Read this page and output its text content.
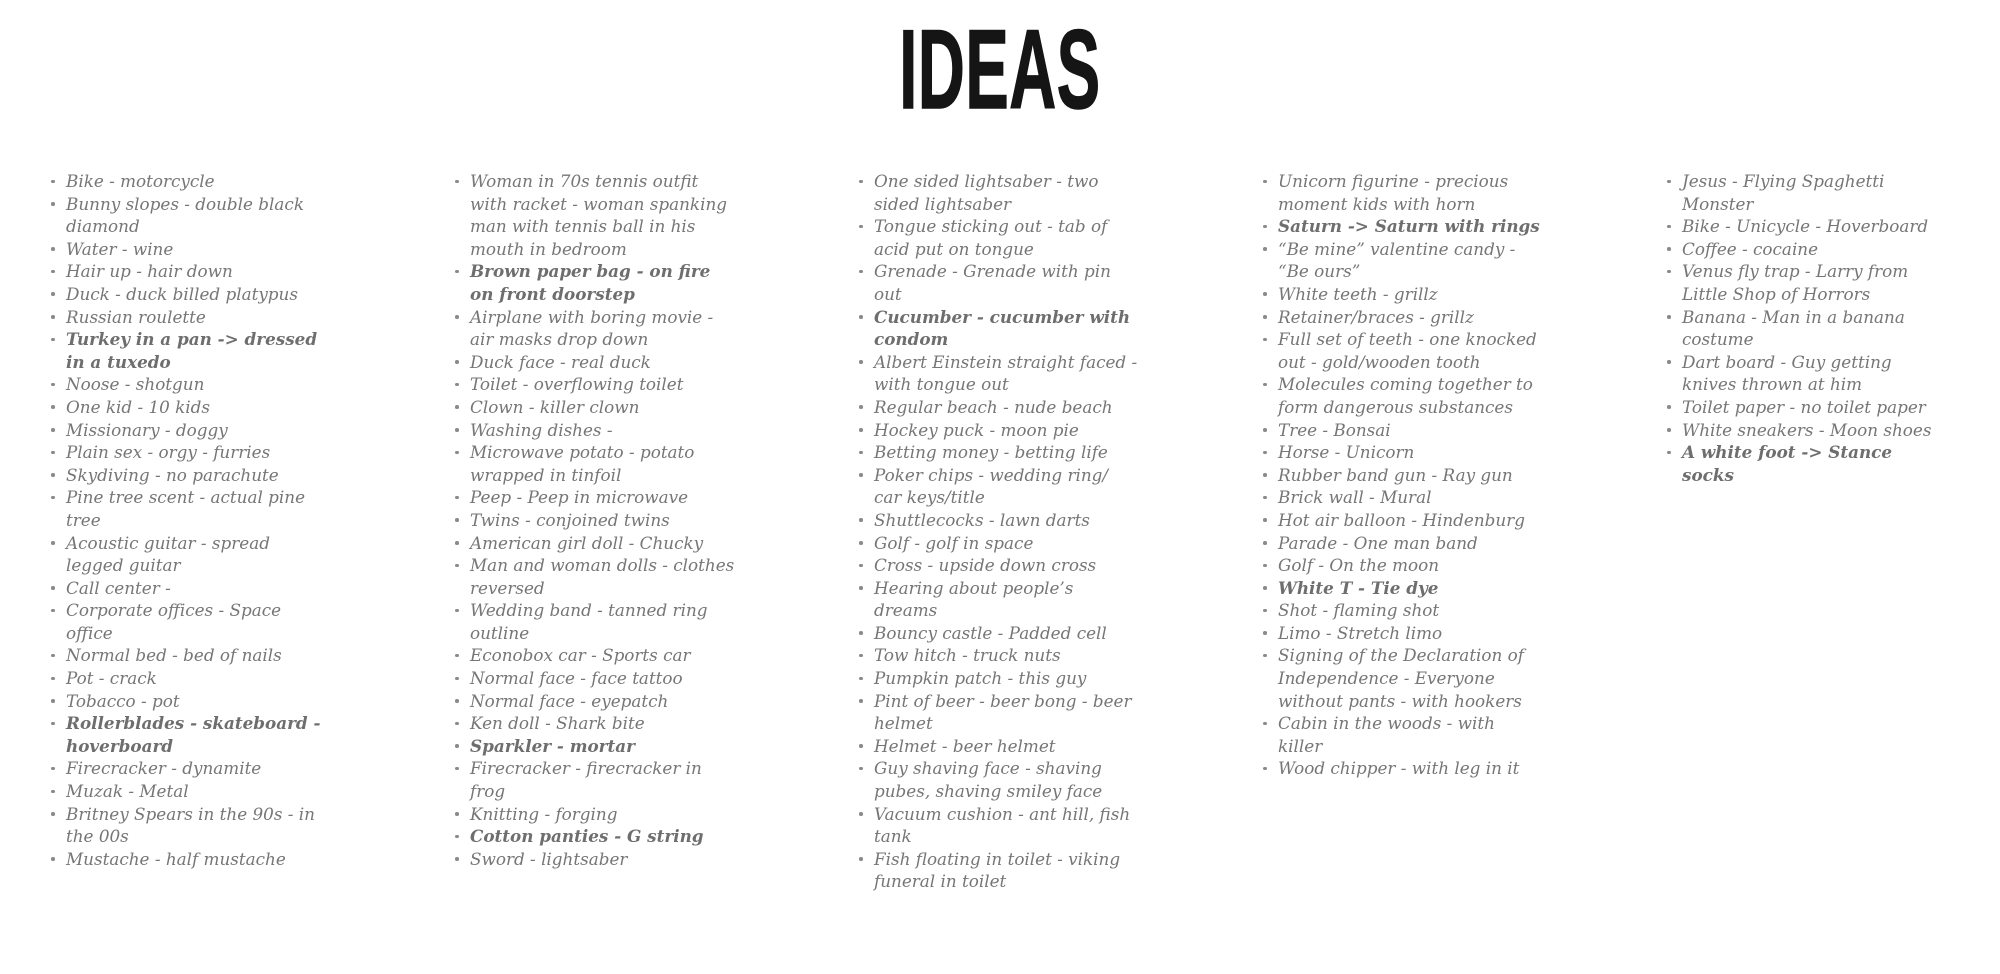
IDEAS
Bike - motorcycle
Bunny slopes - double black diamond
Water - wine
Hair up - hair down
Duck - duck billed platypus
Russian roulette
Turkey in a pan -> dressed in a tuxedo
Noose - shotgun
One kid - 10 kids
Missionary - doggy
Plain sex - orgy - furries
Skydiving - no parachute
Pine tree scent - actual pine tree
Acoustic guitar - spread legged guitar
Call center -
Corporate offices - Space office
Normal bed - bed of nails
Pot - crack
Tobacco - pot
Rollerblades - skateboard - hoverboard
Firecracker - dynamite
Muzak - Metal
Britney Spears in the 90s - in the 00s
Mustache - half mustache
Woman in 70s tennis outfit with racket - woman spanking man with tennis ball in his mouth in bedroom
Brown paper bag - on fire on front doorstep
Airplane with boring movie - air masks drop down
Duck face - real duck
Toilet - overflowing toilet
Clown - killer clown
Washing dishes -
Microwave potato - potato wrapped in tinfoil
Peep - Peep in microwave
Twins - conjoined twins
American girl doll - Chucky
Man and woman dolls - clothes reversed
Wedding band - tanned ring outline
Econobox car - Sports car
Normal face - face tattoo
Normal face - eyepatch
Ken doll - Shark bite
Sparkler - mortar
Firecracker - firecracker in frog
Knitting - forging
Cotton panties - G string
Sword - lightsaber
One sided lightsaber - two sided lightsaber
Tongue sticking out - tab of acid put on tongue
Grenade - Grenade with pin out
Cucumber - cucumber with condom
Albert Einstein straight faced - with tongue out
Regular beach - nude beach
Hockey puck - moon pie
Betting money - betting life
Poker chips - wedding ring/ car keys/title
Shuttlecocks - lawn darts
Golf - golf in space
Cross - upside down cross
Hearing about people’s dreams
Bouncy castle - Padded cell
Tow hitch - truck nuts
Pumpkin patch - this guy
Pint of beer - beer bong - beer helmet
Helmet - beer helmet
Guy shaving face - shaving pubes, shaving smiley face
Vacuum cushion - ant hill, fish tank
Fish floating in toilet - viking funeral in toilet
Unicorn figurine - precious moment kids with horn
Saturn -> Saturn with rings
“Be mine” valentine candy - “Be ours”
White teeth - grillz
Retainer/braces - grillz
Full set of teeth - one knocked out - gold/wooden tooth
Molecules coming together to form dangerous substances
Tree - Bonsai
Horse - Unicorn
Rubber band gun - Ray gun
Brick wall - Mural
Hot air balloon - Hindenburg
Parade - One man band
Golf - On the moon
White T - Tie dye
Shot - flaming shot
Limo - Stretch limo
Signing of the Declaration of Independence - Everyone without pants - with hookers
Cabin in the woods - with killer
Wood chipper - with leg in it
Jesus - Flying Spaghetti Monster
Bike - Unicycle - Hoverboard
Coffee - cocaine
Venus fly trap - Larry from Little Shop of Horrors
Banana - Man in a banana costume
Dart board - Guy getting knives thrown at him
Toilet paper - no toilet paper
White sneakers - Moon shoes
A white foot -> Stance socks
